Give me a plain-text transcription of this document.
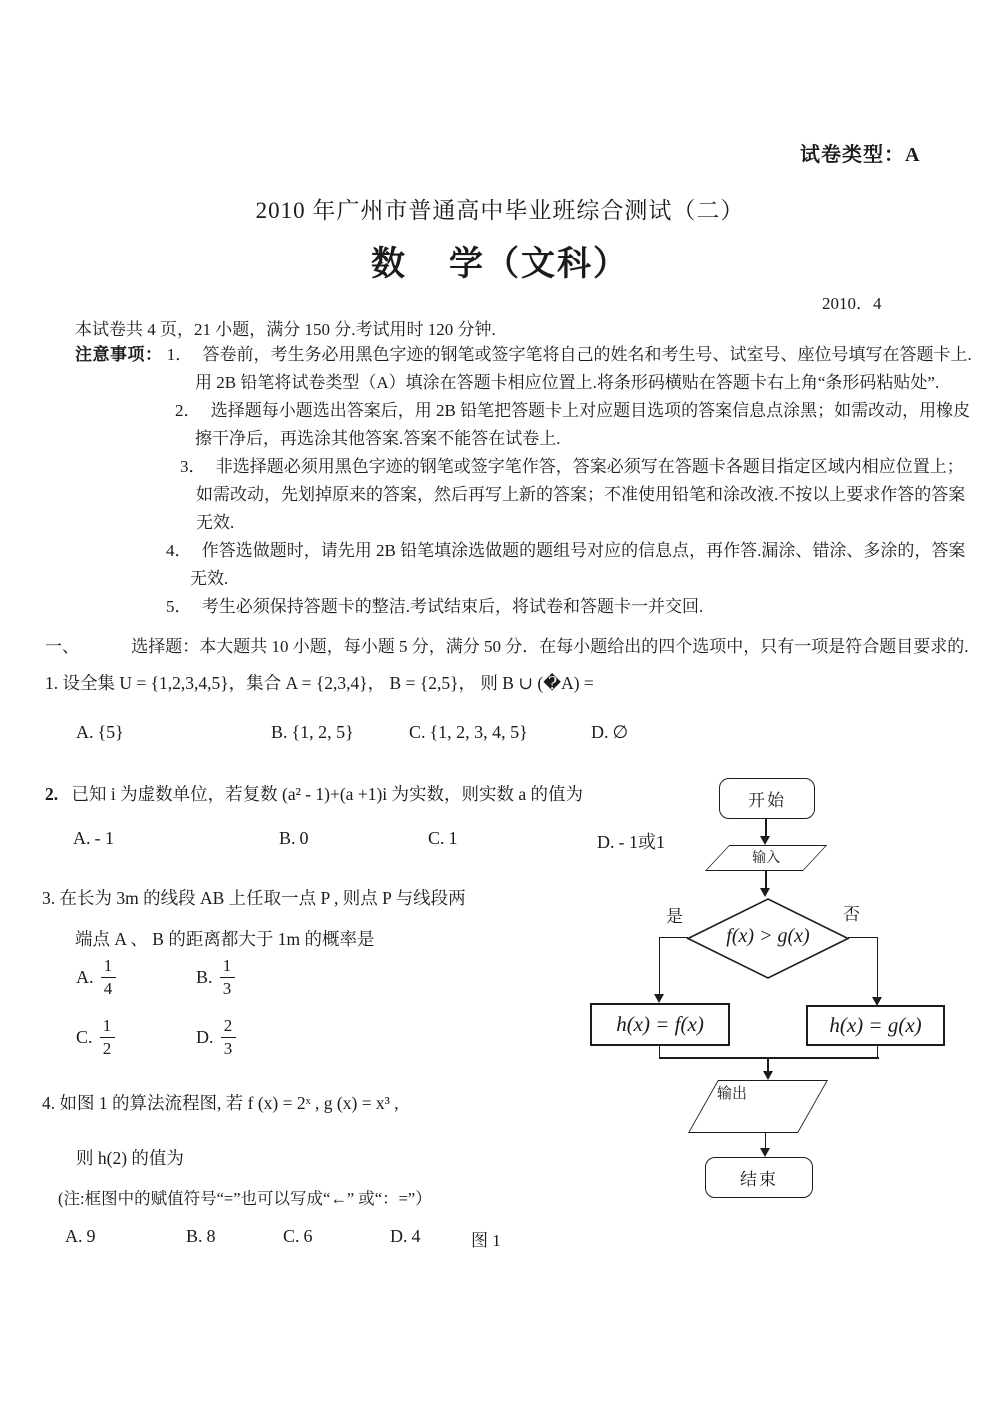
试卷类型：A
2010 年广州市普通高中毕业班综合测试（二）
数    学（文科）
2010．4
本试卷共 4 页，21 小题，满分 150 分.考试用时 120 分钟.
注意事项： 1． 答卷前，考生务必用黑色字迹的钢笔或签字笔将自己的姓名和考生号、试室号、座位号填写在答题卡上.
用 2B 铅笔将试卷类型（A）填涂在答题卡相应位置上.将条形码横贴在答题卡右上角“条形码粘贴处”.
2． 选择题每小题选出答案后，用 2B 铅笔把答题卡上对应题目选项的答案信息点涂黑；如需改动，用橡皮
擦干净后，再选涂其他答案.答案不能答在试卷上.
3． 非选择题必须用黑色字迹的钢笔或签字笔作答，答案必须写在答题卡各题目指定区域内相应位置上；
如需改动，先划掉原来的答案，然后再写上新的答案；不准使用铅笔和涂改液.不按以上要求作答的答案
无效.
4． 作答选做题时，请先用 2B 铅笔填涂选做题的题组号对应的信息点，再作答.漏涂、错涂、多涂的，答案
无效.
5． 考生必须保持答题卡的整洁.考试结束后，将试卷和答题卡一并交回.
一、	选择题：本大题共 10 小题，每小题 5 分，满分 50 分．在每小题给出的四个选项中，只有一项是符合题目要求的.
1. 设全集 U = {1,2,3,4,5}，集合 A = {2,3,4}， B = {2,5}， 则 B ∪ (�A) =
A. {5}	B. {1, 2, 5}	C. {1, 2, 3, 4, 5}	D. ∅
2. 已知 i 为虚数单位，若复数 (a² - 1)+(a +1)i 为实数，则实数 a 的值为
A. - 1	B. 0	C. 1	D. - 1或1
3. 在长为 3m 的线段 AB 上任取一点 P , 则点 P 与线段两
端点 A 、 B 的距离都大于 1m 的概率是
A. $\frac{1}{4}$	B. $\frac{1}{3}$
C. $\frac{1}{2}$	D. $\frac{2}{3}$
4. 如图 1 的算法流程图, 若 f (x) = 2ˣ , g (x) = x³ ,
则 h(2) 的值为
(注:框图中的赋值符号“=”也可以写成“←” 或“：=”）
A. 9	B. 8	C. 6	D. 4	图 1
开始
输入
f(x) > g(x)
是	否
h(x) = f(x)	h(x) = g(x)
输出
结束
